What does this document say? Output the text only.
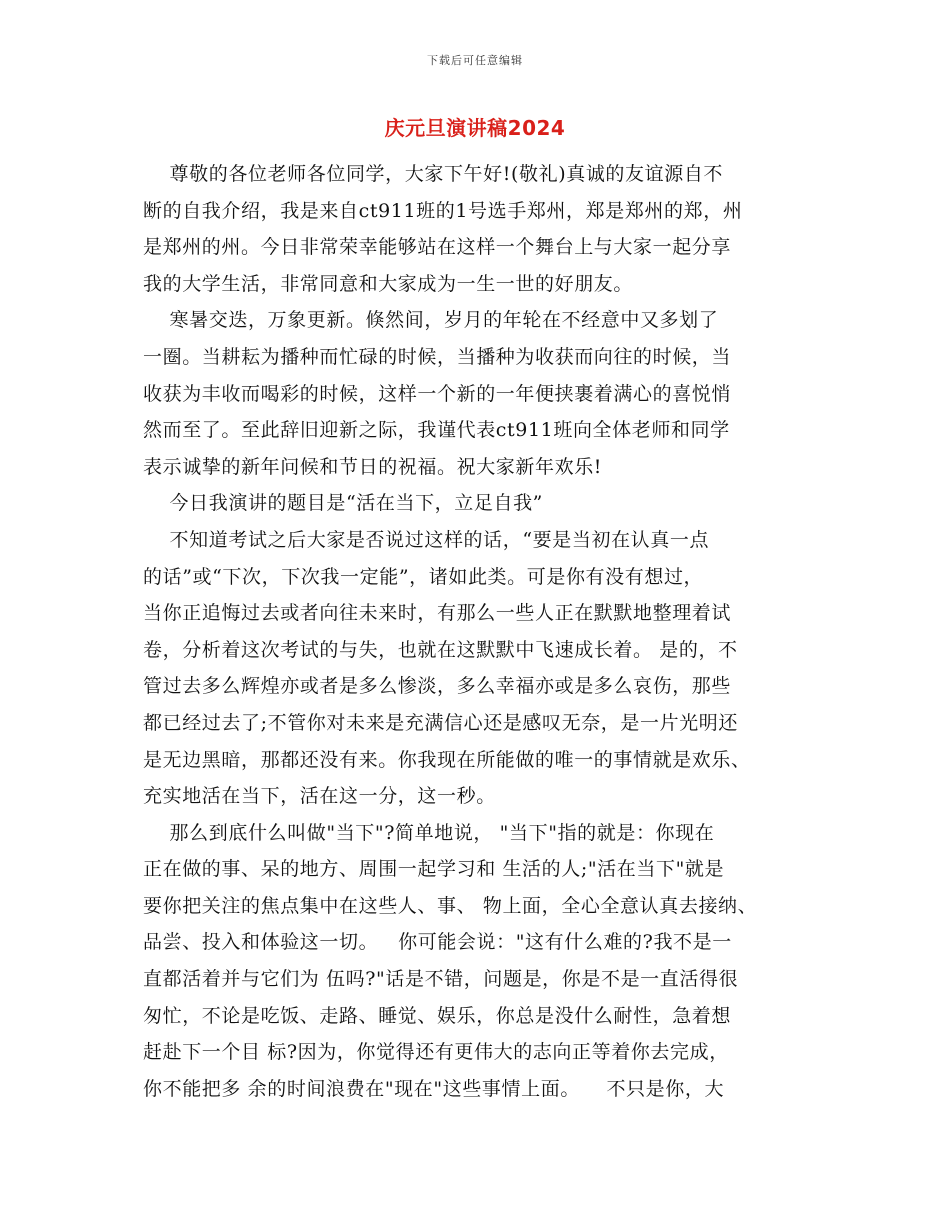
下载后可任意编辑
庆元旦演讲稿2024
尊敬的各位老师各位同学，大家下午好!(敬礼)真诚的友谊源自不
断的自我介绍，我是来自ct911班的1号选手郑州，郑是郑州的郑，州
是郑州的州。今日非常荣幸能够站在这样一个舞台上与大家一起分享
我的大学生活，非常同意和大家成为一生一世的好朋友。
寒暑交迭，万象更新。倏然间，岁月的年轮在不经意中又多划了
一圈。当耕耘为播种而忙碌的时候，当播种为收获而向往的时候，当
收获为丰收而喝彩的时候，这样一个新的一年便挟裹着满心的喜悦悄
然而至了。至此辞旧迎新之际，我谨代表ct911班向全体老师和同学
表示诚挚的新年问候和节日的祝福。祝大家新年欢乐!
今日我演讲的题目是“活在当下，立足自我”
不知道考试之后大家是否说过这样的话，“要是当初在认真一点
的话”或“下次，下次我一定能”，诸如此类。可是你有没有想过，
当你正追悔过去或者向往未来时，有那么一些人正在默默地整理着试
卷，分析着这次考试的与失，也就在这默默中飞速成长着。 是的，不
管过去多么辉煌亦或者是多么惨淡，多么幸福亦或是多么哀伤，那些
都已经过去了;不管你对未来是充满信心还是感叹无奈，是一片光明还
是无边黑暗，那都还没有来。你我现在所能做的唯一的事情就是欢乐、
充实地活在当下，活在这一分，这一秒。
那么到底什么叫做"当下"?简单地说， "当下"指的就是：你现在
正在做的事、呆的地方、周围一起学习和 生活的人;"活在当下"就是
要你把关注的焦点集中在这些人、事、 物上面，全心全意认真去接纳、
品尝、投入和体验这一切。   你可能会说："这有什么难的?我不是一
直都活着并与它们为 伍吗?"话是不错，问题是，你是不是一直活得很
匆忙，不论是吃饭、走路、睡觉、娱乐，你总是没什么耐性，急着想
赶赴下一个目 标?因为，你觉得还有更伟大的志向正等着你去完成，
你不能把多 余的时间浪费在"现在"这些事情上面。    不只是你，大
